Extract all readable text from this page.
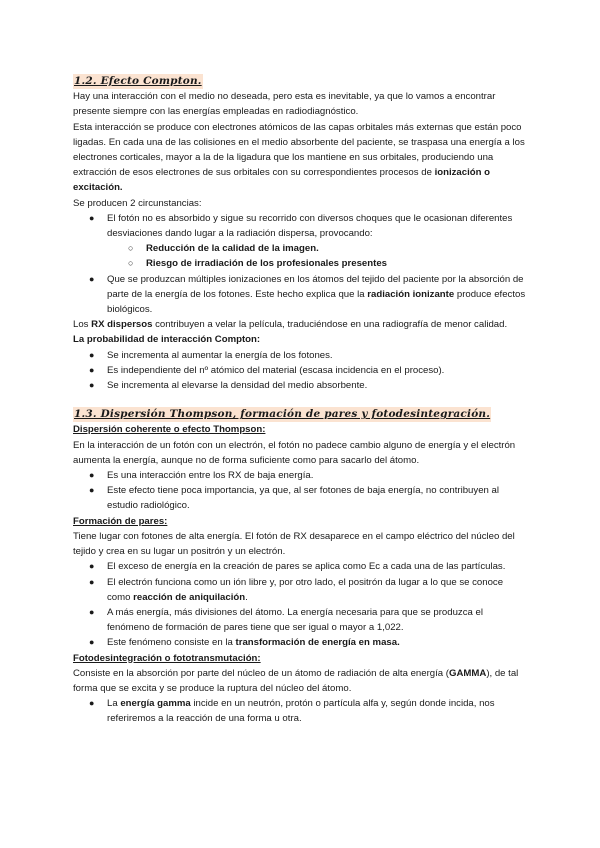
1.2. Efecto Compton.

Hay una interacción con el medio no deseada, pero esta es inevitable, ya que lo vamos a encontrar presente siempre con las energías empleadas en radiodiagnóstico.

Esta interacción se produce con electrones atómicos de las capas orbitales más externas que están poco ligadas. En cada una de las colisiones en el medio absorbente del paciente, se traspasa una energía a los electrones corticales, mayor a la de la ligadura que los mantiene en sus orbitales, produciendo una extracción de esos electrones de sus orbitales con su correspondientes procesos de ionización o excitación.

Se producen 2 circunstancias:

● El fotón no es absorbido y sigue su recorrido con diversos choques que le ocasionan diferentes desviaciones dando lugar a la radiación dispersa, provocando:
○ Reducción de la calidad de la imagen.
○ Riesgo de irradiación de los profesionales presentes
● Que se produzcan múltiples ionizaciones en los átomos del tejido del paciente por la absorción de parte de la energía de los fotones. Este hecho explica que la radiación ionizante produce efectos biológicos.

Los RX dispersos contribuyen a velar la película, traduciéndose en una radiografía de menor calidad.

La probabilidad de interacción Compton:

● Se incrementa al aumentar la energía de los fotones.
● Es independiente del nº atómico del material (escasa incidencia en el proceso).
● Se incrementa al elevarse la densidad del medio absorbente.
1.3. Dispersión Thompson, formación de pares y fotodesintegración.

Dispersión coherente o efecto Thompson:

En la interacción de un fotón con un electrón, el fotón no padece cambio alguno de energía y el electrón aumenta la energía, aunque no de forma suficiente como para sacarlo del átomo.

● Es una interacción entre los RX de baja energía.
● Este efecto tiene poca importancia, ya que, al ser fotones de baja energía, no contribuyen al estudio radiológico.

Formación de pares:

Tiene lugar con fotones de alta energía. El fotón de RX desaparece en el campo eléctrico del núcleo del tejido y crea en su lugar un positrón y un electrón.

● El exceso de energía en la creación de pares se aplica como Ec a cada una de las partículas.
● El electrón funciona como un ión libre y, por otro lado, el positrón da lugar a lo que se conoce como reacción de aniquilación.
● A más energía, más divisiones del átomo. La energía necesaria para que se produzca el fenómeno de formación de pares tiene que ser igual o mayor a 1,022.
● Este fenómeno consiste en la transformación de energía en masa.

Fotodesintegración o fototransmutación:

Consiste en la absorción por parte del núcleo de un átomo de radiación de alta energía (GAMMA), de tal forma que se excita y se produce la ruptura del núcleo del átomo.

● La energía gamma incide en un neutrón, protón o partícula alfa y, según donde incida, nos referiremos a la reacción de una forma u otra.
